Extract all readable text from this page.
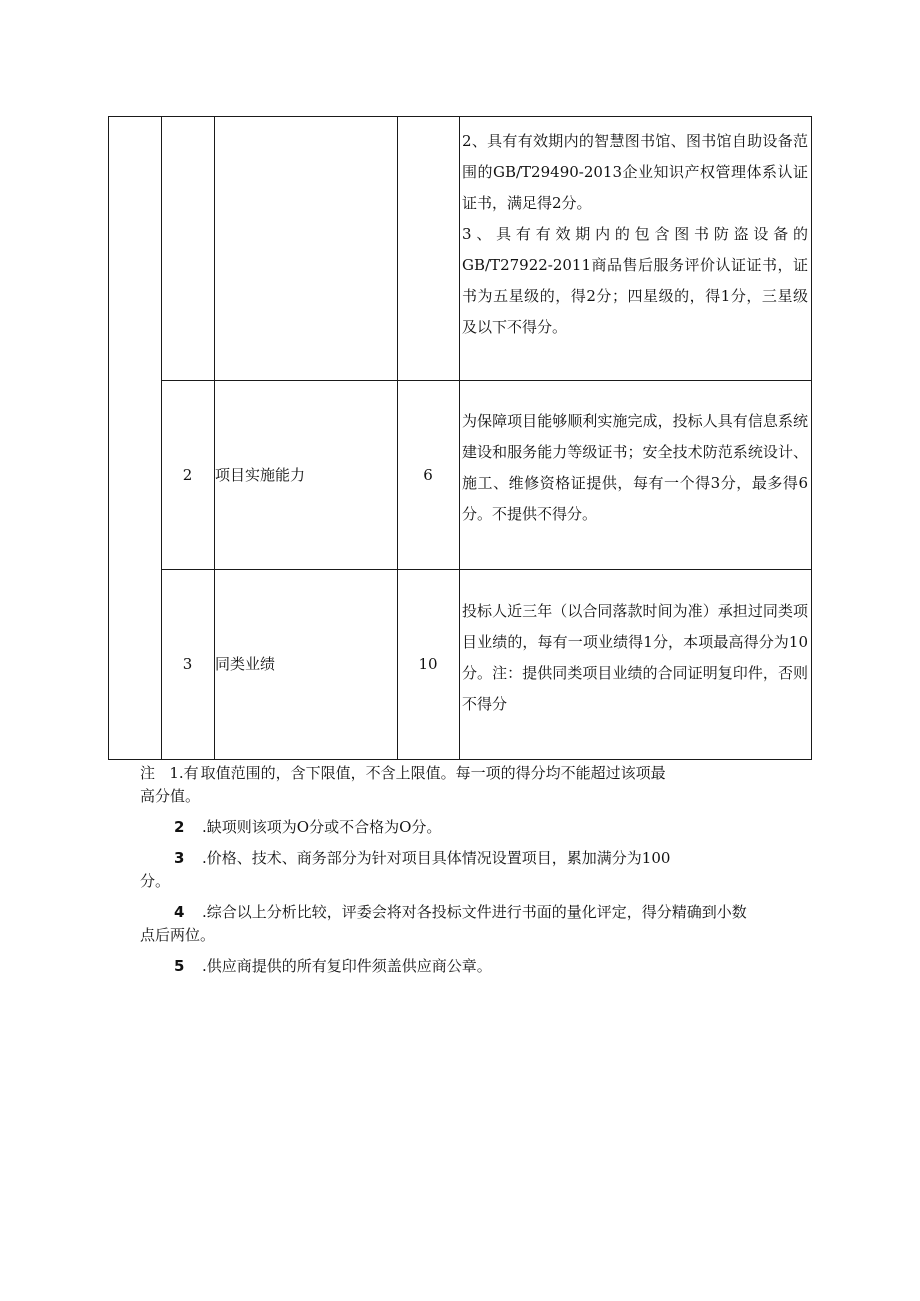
2、具有有效期内的智慧图书馆、图书馆自助设备范围的GB/T29490-2013企业知识产权管理体系认证证书，满足得2分。

3、具有有效期内的包含图书防盗设备的GB/T27922-2011商品售后服务评价认证证书，证书为五星级的，得2分；四星级的，得1分，三星级及以下不得分。

2	项目实施能力	6

为保障项目能够顺利实施完成，投标人具有信息系统建设和服务能力等级证书；安全技术防范系统设计、施工、维修资格证提供，每有一个得3分，最多得6分。不提供不得分。

3	同类业绩	10

投标人近三年（以合同落款时间为准）承担过同类项目业绩的，每有一项业绩得1分，本项最高得分为10分。注：提供同类项目业绩的合同证明复印件，否则不得分

注 1.有 取值范围的，含下限值，不含上限值。每一项的得分均不能超过该项最

高分值。

2 .缺项则该项为O分或不合格为O分。

3 .价格、技术、商务部分为针对项目具体情况设置项目，累加满分为100

分。

4 .综合以上分析比较，评委会将对各投标文件进行书面的量化评定，得分精确到小数

点后两位。

5 .供应商提供的所有复印件须盖供应商公章。
